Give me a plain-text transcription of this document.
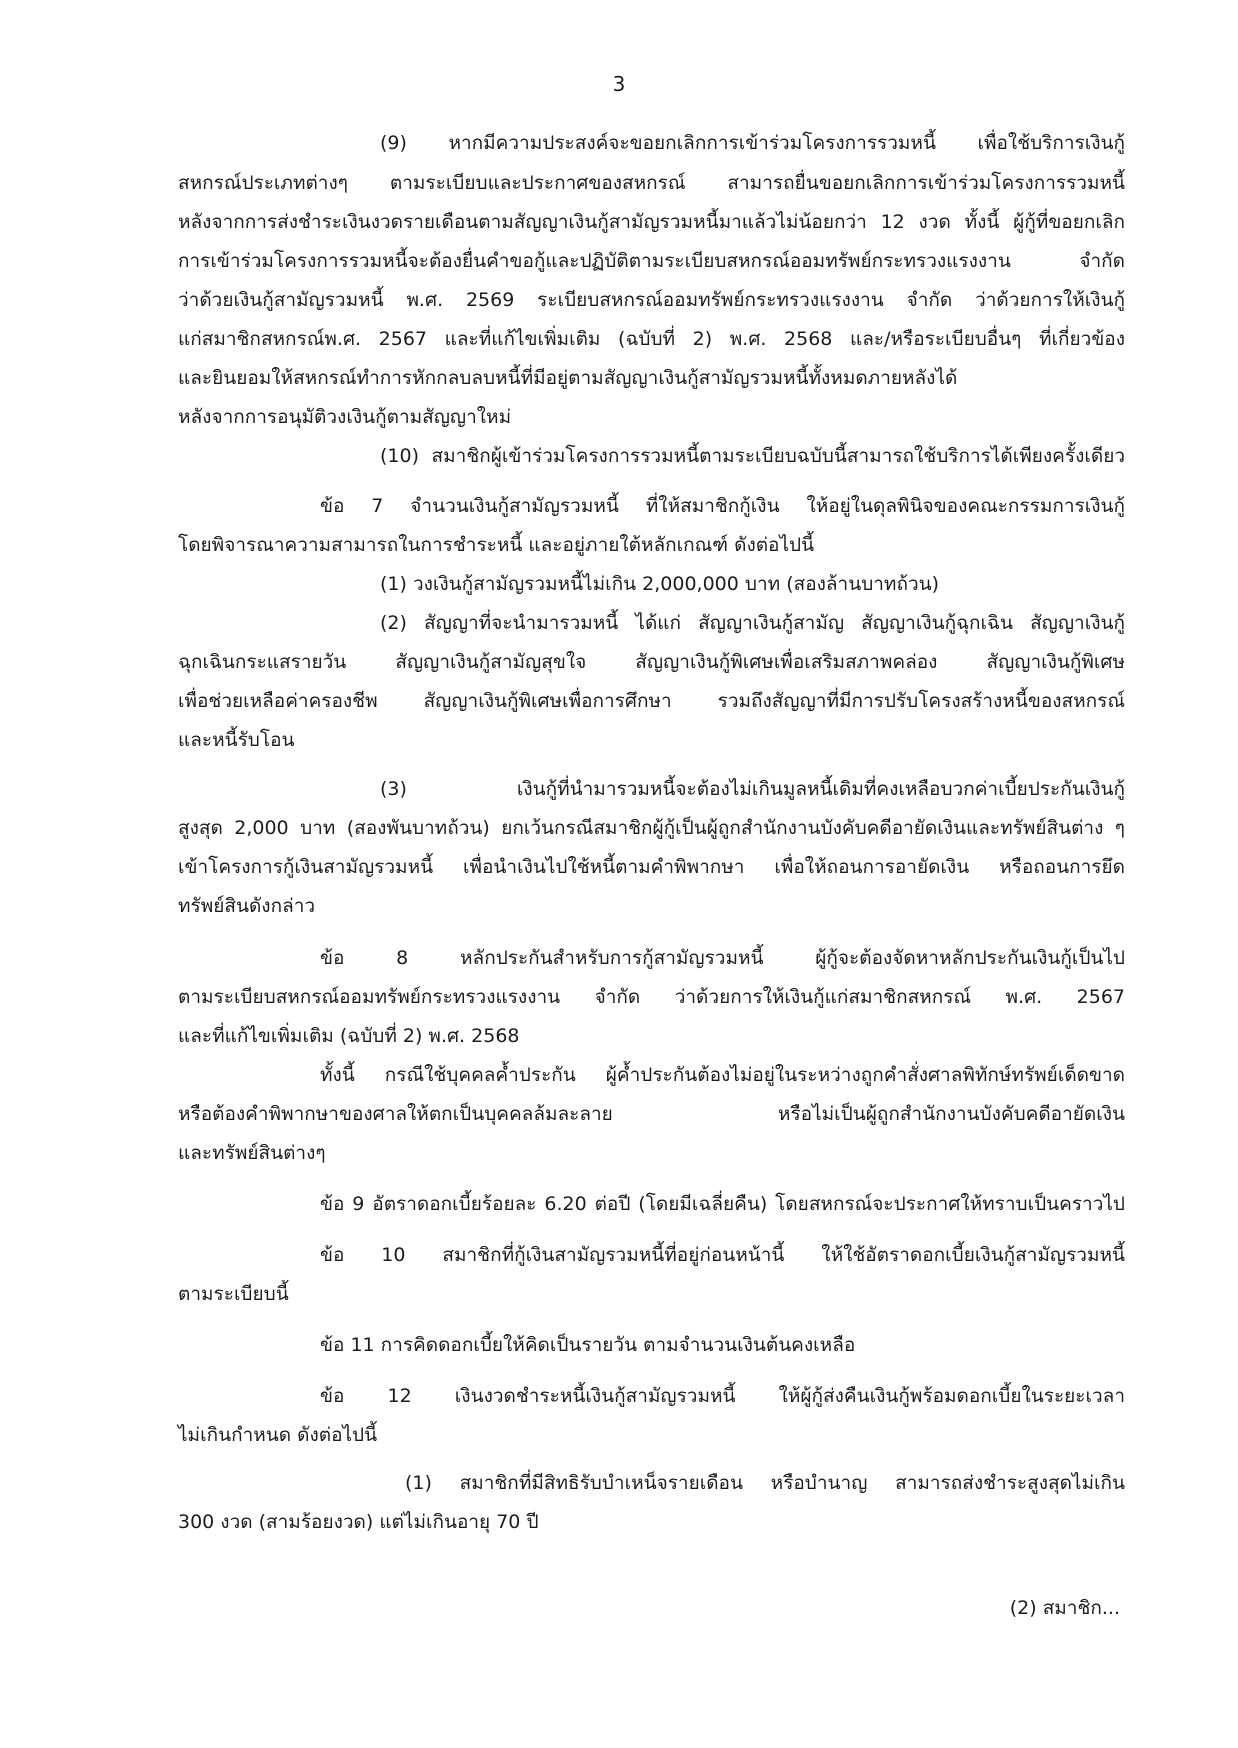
3
(9) หากมีความประสงค์จะขอยกเลิกการเข้าร่วมโครงการรวมหนี้ เพื่อใช้บริการเงินกู้
สหกรณ์ประเภทต่างๆ ตามระเบียบและประกาศของสหกรณ์ สามารถยื่นขอยกเลิกการเข้าร่วมโครงการรวมหนี้
หลังจากการส่งชำระเงินงวดรายเดือนตามสัญญาเงินกู้สามัญรวมหนี้มาแล้วไม่น้อยกว่า 12 งวด ทั้งนี้ ผู้กู้ที่ขอยกเลิก
การเข้าร่วมโครงการรวมหนี้จะต้องยื่นคำขอกู้และปฏิบัติตามระเบียบสหกรณ์ออมทรัพย์กระทรวงแรงงาน จำกัด
ว่าด้วยเงินกู้สามัญรวมหนี้ พ.ศ. 2569 ระเบียบสหกรณ์ออมทรัพย์กระทรวงแรงงาน จำกัด ว่าด้วยการให้เงินกู้
แก่สมาชิกสหกรณ์พ.ศ. 2567 และที่แก้ไขเพิ่มเติม (ฉบับที่ 2) พ.ศ. 2568 และ/หรือระเบียบอื่นๆ ที่เกี่ยวข้อง
และยินยอมให้สหกรณ์ทำการหักกลบลบหนี้ที่มีอยู่ตามสัญญาเงินกู้สามัญรวมหนี้ทั้งหมดภายหลังได้
หลังจากการอนุมัติวงเงินกู้ตามสัญญาใหม่
(10) สมาชิกผู้เข้าร่วมโครงการรวมหนี้ตามระเบียบฉบับนี้สามารถใช้บริการได้เพียงครั้งเดียว
ข้อ 7 จำนวนเงินกู้สามัญรวมหนี้ ที่ให้สมาชิกกู้เงิน ให้อยู่ในดุลพินิจของคณะกรรมการเงินกู้
โดยพิจารณาความสามารถในการชำระหนี้ และอยู่ภายใต้หลักเกณฑ์ ดังต่อไปนี้
(1) วงเงินกู้สามัญรวมหนี้ไม่เกิน 2,000,000 บาท (สองล้านบาทถ้วน)
(2) สัญญาที่จะนำมารวมหนี้ ได้แก่ สัญญาเงินกู้สามัญ สัญญาเงินกู้ฉุกเฉิน สัญญาเงินกู้
ฉุกเฉินกระแสรายวัน สัญญาเงินกู้สามัญสุขใจ สัญญาเงินกู้พิเศษเพื่อเสริมสภาพคล่อง สัญญาเงินกู้พิเศษ
เพื่อช่วยเหลือค่าครองชีพ สัญญาเงินกู้พิเศษเพื่อการศึกษา รวมถึงสัญญาที่มีการปรับโครงสร้างหนี้ของสหกรณ์
และหนี้รับโอน
(3) เงินกู้ที่นำมารวมหนี้จะต้องไม่เกินมูลหนี้เดิมที่คงเหลือบวกค่าเบี้ยประกันเงินกู้
สูงสุด 2,000 บาท (สองพันบาทถ้วน) ยกเว้นกรณีสมาชิกผู้กู้เป็นผู้ถูกสำนักงานบังคับคดีอายัดเงินและทรัพย์สินต่าง ๆ
เข้าโครงการกู้เงินสามัญรวมหนี้ เพื่อนำเงินไปใช้หนี้ตามคำพิพากษา เพื่อให้ถอนการอายัดเงิน หรือถอนการยึด
ทรัพย์สินดังกล่าว
ข้อ 8 หลักประกันสำหรับการกู้สามัญรวมหนี้ ผู้กู้จะต้องจัดหาหลักประกันเงินกู้เป็นไป
ตามระเบียบสหกรณ์ออมทรัพย์กระทรวงแรงงาน จำกัด ว่าด้วยการให้เงินกู้แก่สมาชิกสหกรณ์ พ.ศ. 2567
และที่แก้ไขเพิ่มเติม (ฉบับที่ 2) พ.ศ. 2568
ทั้งนี้ กรณีใช้บุคคลค้ำประกัน ผู้ค้ำประกันต้องไม่อยู่ในระหว่างถูกคำสั่งศาลพิทักษ์ทรัพย์เด็ดขาด
หรือต้องคำพิพากษาของศาลให้ตกเป็นบุคคลล้มละลาย หรือไม่เป็นผู้ถูกสำนักงานบังคับคดีอายัดเงิน
และทรัพย์สินต่างๆ
ข้อ 9 อัตราดอกเบี้ยร้อยละ 6.20 ต่อปี (โดยมีเฉลี่ยคืน) โดยสหกรณ์จะประกาศให้ทราบเป็นคราวไป
ข้อ 10 สมาชิกที่กู้เงินสามัญรวมหนี้ที่อยู่ก่อนหน้านี้ ให้ใช้อัตราดอกเบี้ยเงินกู้สามัญรวมหนี้
ตามระเบียบนี้
ข้อ 11 การคิดดอกเบี้ยให้คิดเป็นรายวัน ตามจำนวนเงินต้นคงเหลือ
ข้อ 12 เงินงวดชำระหนี้เงินกู้สามัญรวมหนี้ ให้ผู้กู้ส่งคืนเงินกู้พร้อมดอกเบี้ยในระยะเวลา
ไม่เกินกำหนด ดังต่อไปนี้
(1) สมาชิกที่มีสิทธิรับบำเหน็จรายเดือน หรือบำนาญ สามารถส่งชำระสูงสุดไม่เกิน
300 งวด (สามร้อยงวด) แต่ไม่เกินอายุ 70 ปี
(2) สมาชิก...
